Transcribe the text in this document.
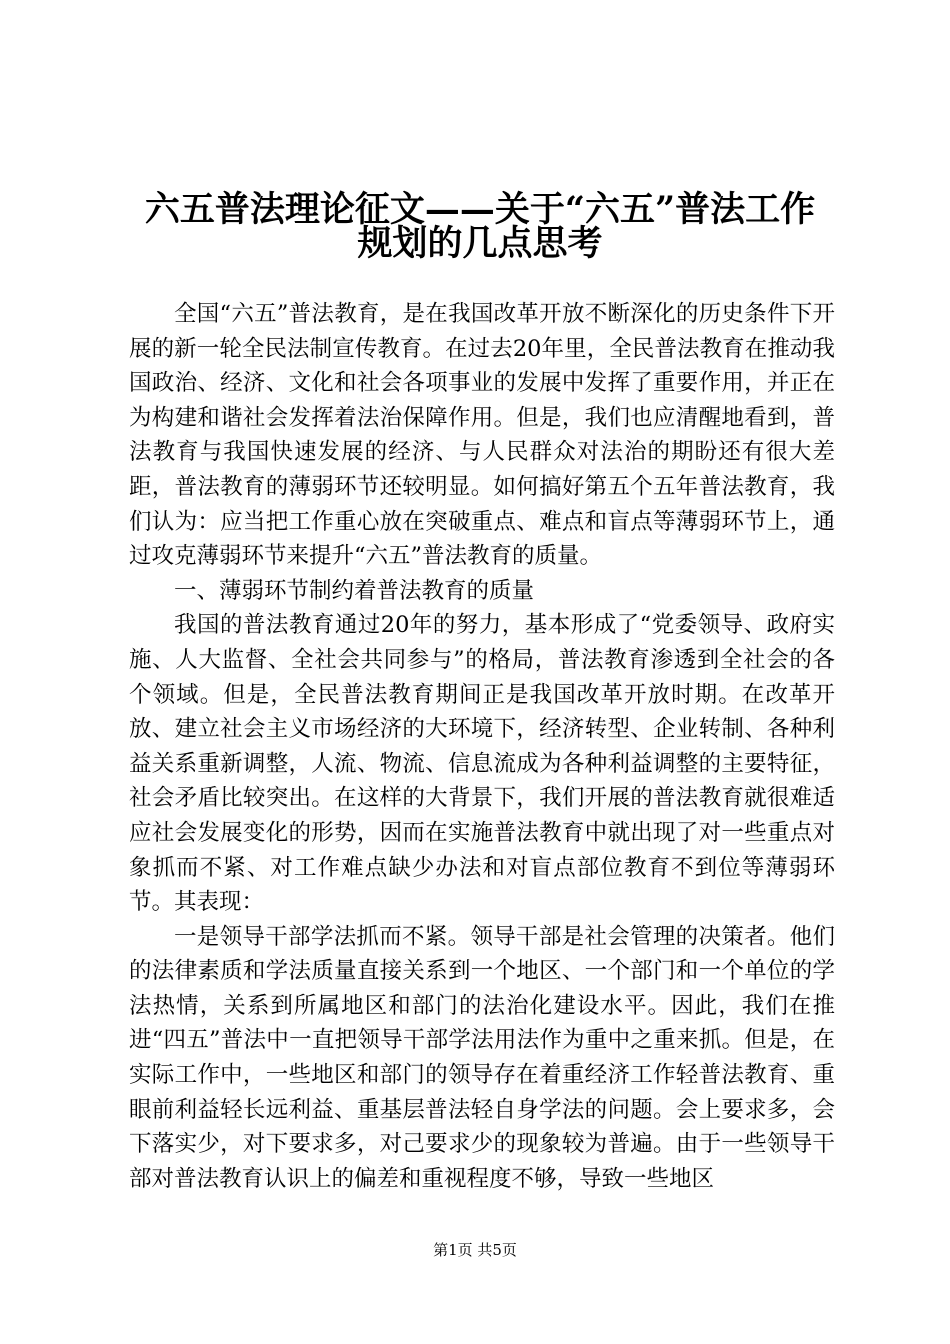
六五普法理论征文——关于“六五”普法工作
规划的几点思考

全国“六五”普法教育，是在我国改革开放不断深化的历史条件下开展的新一轮全民法制宣传教育。在过去20年里，全民普法教育在推动我国政治、经济、文化和社会各项事业的发展中发挥了重要作用，并正在为构建和谐社会发挥着法治保障作用。但是，我们也应清醒地看到，普法教育与我国快速发展的经济、与人民群众对法治的期盼还有很大差距，普法教育的薄弱环节还较明显。如何搞好第五个五年普法教育，我们认为：应当把工作重心放在突破重点、难点和盲点等薄弱环节上，通过攻克薄弱环节来提升“六五”普法教育的质量。

一、薄弱环节制约着普法教育的质量

我国的普法教育通过20年的努力，基本形成了“党委领导、政府实施、人大监督、全社会共同参与”的格局，普法教育渗透到全社会的各个领域。但是，全民普法教育期间正是我国改革开放时期。在改革开放、建立社会主义市场经济的大环境下，经济转型、企业转制、各种利益关系重新调整，人流、物流、信息流成为各种利益调整的主要特征，社会矛盾比较突出。在这样的大背景下，我们开展的普法教育就很难适应社会发展变化的形势，因而在实施普法教育中就出现了对一些重点对象抓而不紧、对工作难点缺少办法和对盲点部位教育不到位等薄弱环节。其表现：

一是领导干部学法抓而不紧。领导干部是社会管理的决策者。他们的法律素质和学法质量直接关系到一个地区、一个部门和一个单位的学法热情，关系到所属地区和部门的法治化建设水平。因此，我们在推进“四五”普法中一直把领导干部学法用法作为重中之重来抓。但是，在实际工作中，一些地区和部门的领导存在着重经济工作轻普法教育、重眼前利益轻长远利益、重基层普法轻自身学法的问题。会上要求多，会下落实少，对下要求多，对己要求少的现象较为普遍。由于一些领导干部对普法教育认识上的偏差和重视程度不够，导致一些地区

第1页 共5页
